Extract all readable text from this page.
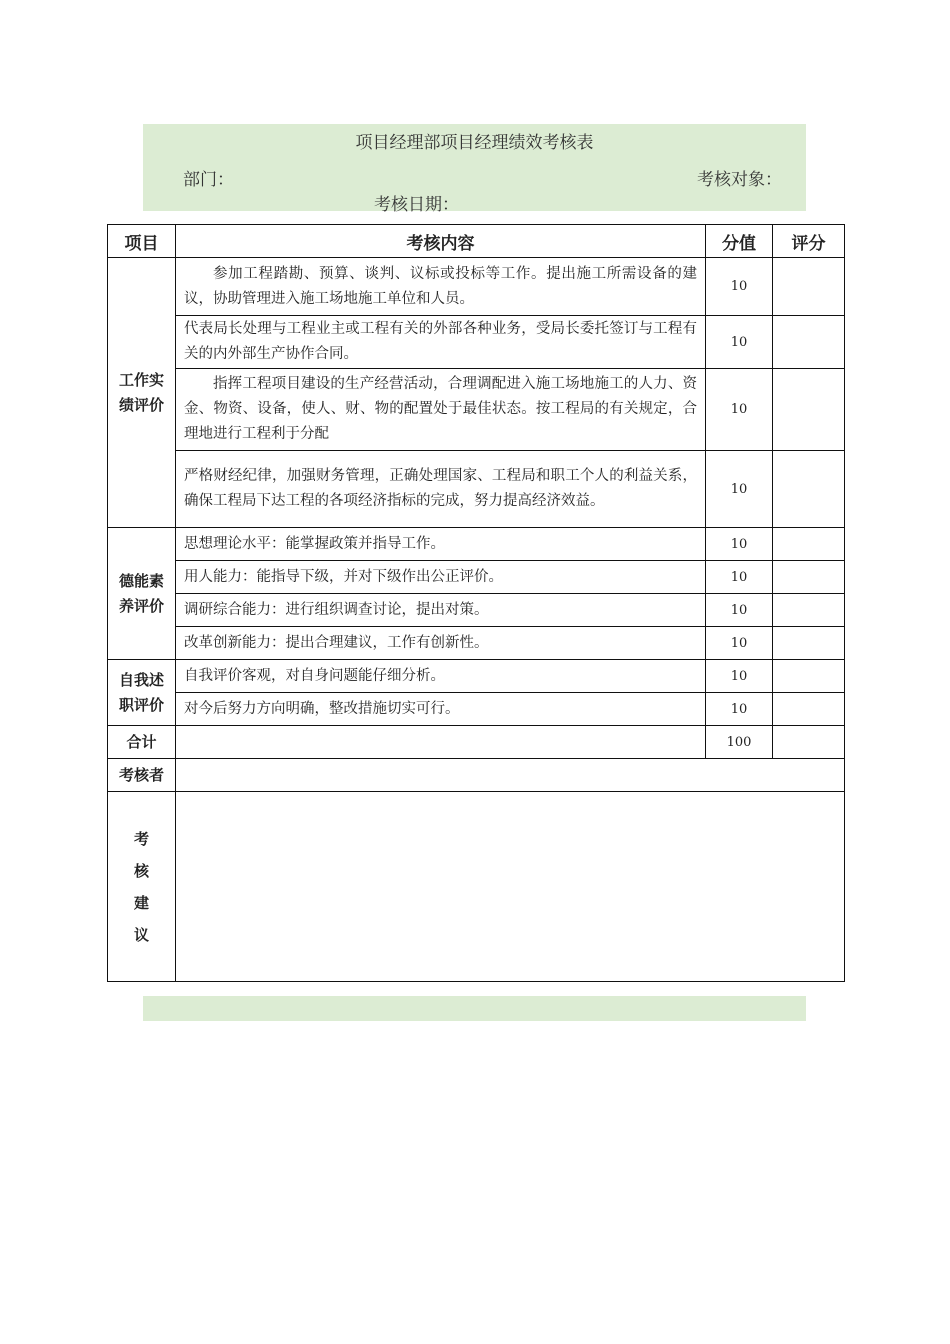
项目经理部项目经理绩效考核表
部门：	考核对象：
考核日期：
项目	考核内容	分值	评分

工作实绩评价	参加工程踏勘、预算、谈判、议标或投标等工作。提出施工所需设备的建议，协助管理进入施工场地施工单位和人员。	10	
	代表局长处理与工程业主或工程有关的外部各种业务，受局长委托签订与工程有关的内外部生产协作合同。	10	
	指挥工程项目建设的生产经营活动，合理调配进入施工场地施工的人力、资金、物资、设备，使人、财、物的配置处于最佳状态。按工程局的有关规定，合理地进行工程利于分配	10	
	严格财经纪律，加强财务管理，正确处理国家、工程局和职工个人的利益关系，确保工程局下达工程的各项经济指标的完成，努力提高经济效益。	10	

德能素养评价	思想理论水平：能掌握政策并指导工作。	10	
	用人能力：能指导下级，并对下级作出公正评价。	10	
	调研综合能力：进行组织调查讨论，提出对策。	10	
	改革创新能力：提出合理建议，工作有创新性。	10	

自我述职评价	自我评价客观，对自身问题能仔细分析。	10	
	对今后努力方向明确，整改措施切实可行。	10	
合计		100	
考核者			

考
核
建
议			
